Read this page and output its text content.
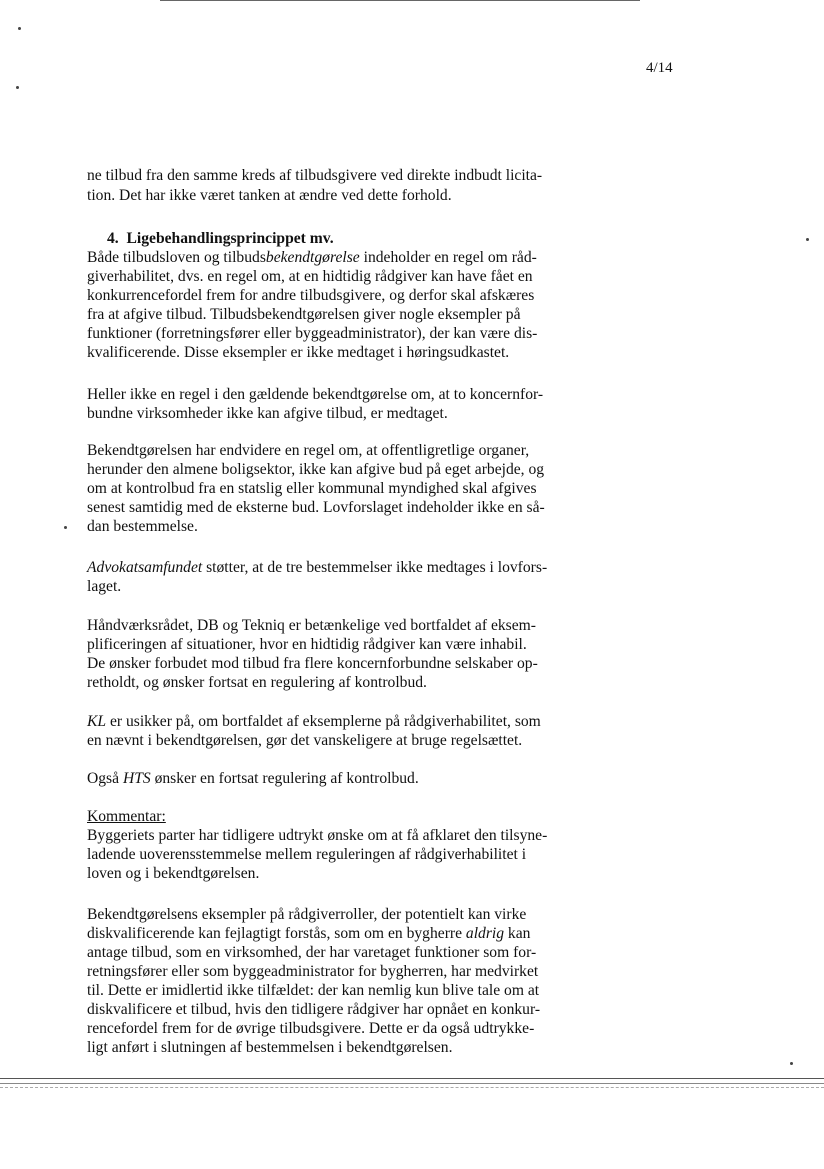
4/14
ne tilbud fra den samme kreds af tilbudsgivere ved direkte indbudt licita-
tion. Det har ikke været tanken at ændre ved dette forhold.
4.  Ligebehandlingsprincippet mv.
Både tilbudsloven og tilbudsbekendtgørelse indeholder en regel om råd-
giverhabilitet, dvs. en regel om, at en hidtidig rådgiver kan have fået en
konkurrencefordel frem for andre tilbudsgivere, og derfor skal afskæres
fra at afgive tilbud. Tilbudsbekendtgørelsen giver nogle eksempler på
funktioner (forretningsfører eller byggeadministrator), der kan være dis-
kvalificerende. Disse eksempler er ikke medtaget i høringsudkastet.
Heller ikke en regel i den gældende bekendtgørelse om, at to koncernfor-
bundne virksomheder ikke kan afgive tilbud, er medtaget.
Bekendtgørelsen har endvidere en regel om, at offentligretlige organer,
herunder den almene boligsektor, ikke kan afgive bud på eget arbejde, og
om at kontrolbud fra en statslig eller kommunal myndighed skal afgives
senest samtidig med de eksterne bud. Lovforslaget indeholder ikke en så-
dan bestemmelse.
Advokatsamfundet støtter, at de tre bestemmelser ikke medtages i lovfors-
laget.
Håndværksrådet, DB og Tekniq er betænkelige ved bortfaldet af eksem-
plificeringen af situationer, hvor en hidtidig rådgiver kan være inhabil.
De ønsker forbudet mod tilbud fra flere koncernforbundne selskaber op-
retholdt, og ønsker fortsat en regulering af kontrolbud.
KL er usikker på, om bortfaldet af eksemplerne på rådgiverhabilitet, som
en nævnt i bekendtgørelsen, gør det vanskeligere at bruge regelsættet.
Også HTS ønsker en fortsat regulering af kontrolbud.
Kommentar:
Byggeriets parter har tidligere udtrykt ønske om at få afklaret den tilsyne-
ladende uoverensstemmelse mellem reguleringen af rådgiverhabilitet i
loven og i bekendtgørelsen.
Bekendtgørelsens eksempler på rådgiverroller, der potentielt kan virke
diskvalificerende kan fejlagtigt forstås, som om en bygherre aldrig kan
antage tilbud, som en virksomhed, der har varetaget funktioner som for-
retningsfører eller som byggeadministrator for bygherren, har medvirket
til. Dette er imidlertid ikke tilfældet: der kan nemlig kun blive tale om at
diskvalificere et tilbud, hvis den tidligere rådgiver har opnået en konkur-
rencefordel frem for de øvrige tilbudsgivere. Dette er da også udtrykke-
ligt anført i slutningen af bestemmelsen i bekendtgørelsen.
